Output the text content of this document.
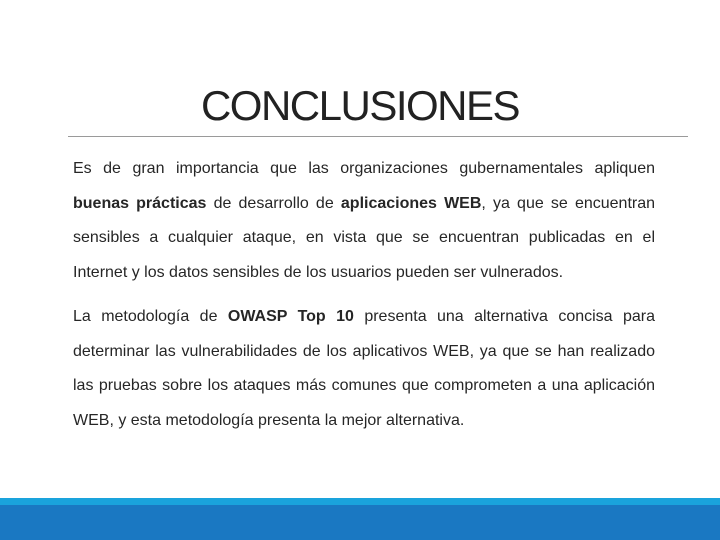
CONCLUSIONES

Es de gran importancia que las organizaciones gubernamentales apliquen buenas prácticas de desarrollo de aplicaciones WEB, ya que se encuentran sensibles a cualquier ataque, en vista que se encuentran publicadas en el Internet y los datos sensibles de los usuarios pueden ser vulnerados.

La metodología de OWASP Top 10 presenta una alternativa concisa para determinar las vulnerabilidades de los aplicativos WEB, ya que se han realizado las pruebas sobre los ataques más comunes que comprometen a una aplicación WEB, y esta metodología presenta la mejor alternativa.
